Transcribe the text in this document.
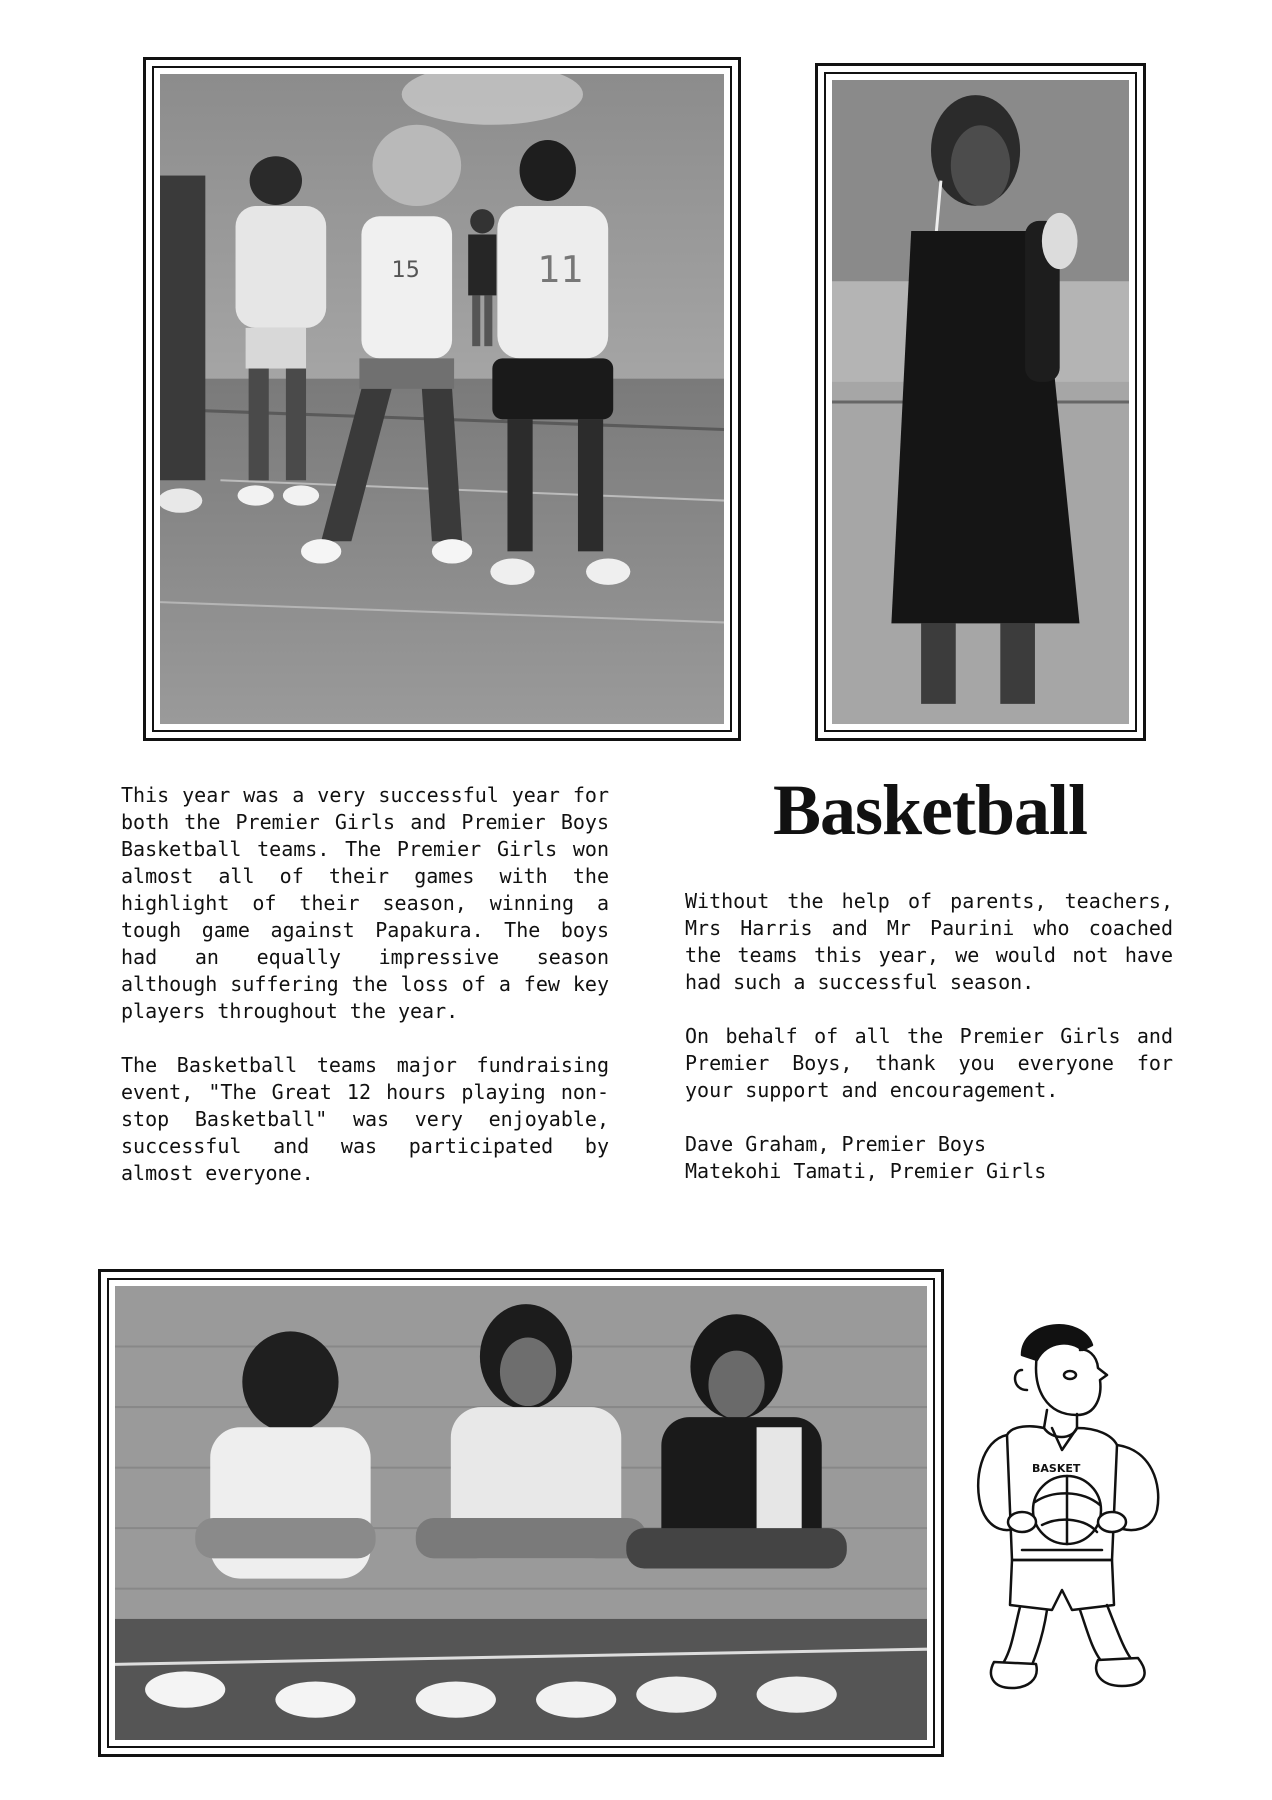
15	11
Basketball

This year was a very successful year for both the Premier Girls and Premier Boys Basketball teams. The Premier Girls won almost all of their games with the highlight of their season, winning a tough game against Papakura. The boys had an equally impressive season although suffering the loss of a few key players throughout the year.

The Basketball teams major fundraising event, "The Great 12 hours playing non-stop Basketball" was very enjoyable, successful and was participated by almost everyone.

Without the help of parents, teachers, Mrs Harris and Mr Paurini who coached the teams this year, we would not have had such a successful season.

On behalf of all the Premier Girls and Premier Boys, thank you everyone for your support and encouragement.

Dave Graham, Premier Boys
Matekohi Tamati, Premier Girls
BASKET
